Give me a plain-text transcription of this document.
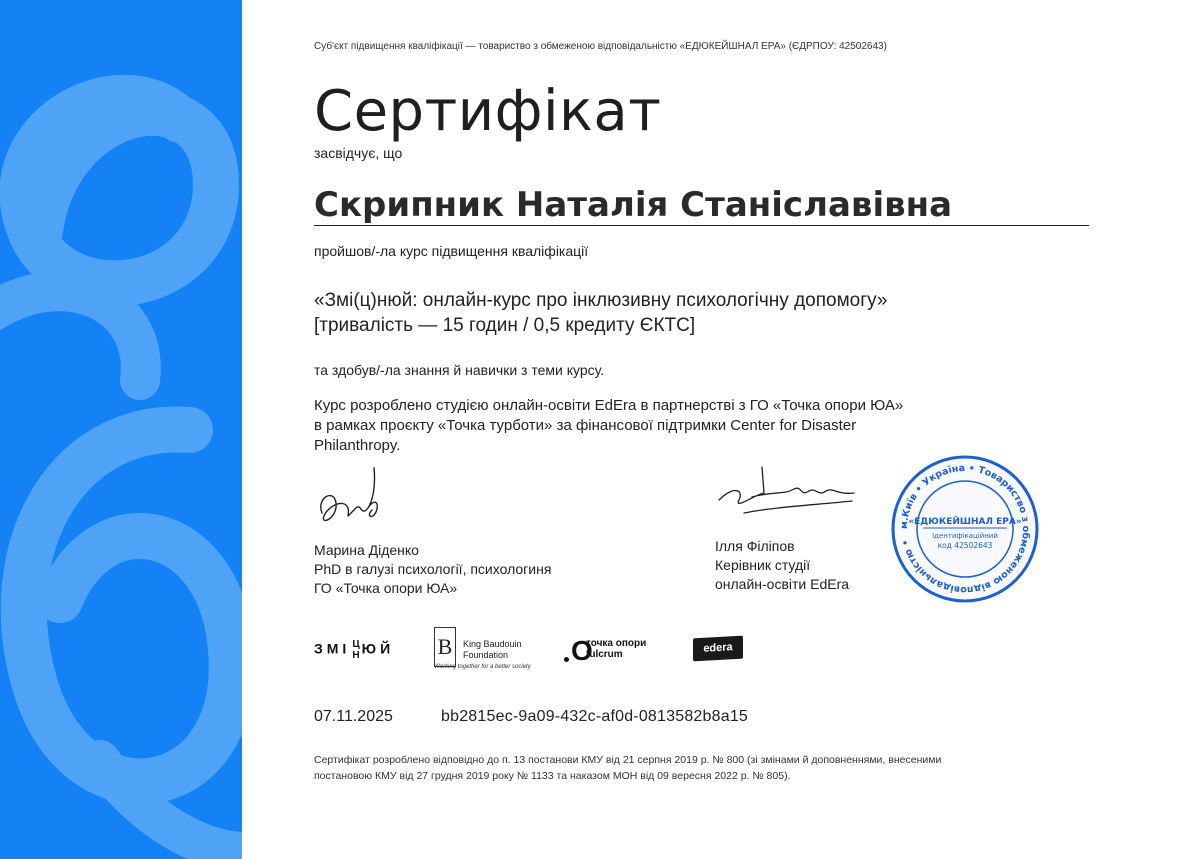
Суб'єкт підвищення кваліфікації — товариство з обмеженою відповідальністю «ЕДЮКЕЙШНАЛ ЕРА» (ЄДРПОУ: 42502643)
Сертифікат
засвідчує, що
Скрипник Наталія Станіславівна
пройшов/-ла курс підвищення кваліфікації
«Змі(ц)нюй: онлайн-курс про інклюзивну психологічну допомогу»
[тривалість — 15 годин / 0,5 кредиту ЄКТС]
та здобув/-ла знання й навички з теми курсу.
Курс розроблено студією онлайн-освіти EdEra в партнерстві з ГО «Точка опори ЮА»
в рамках проєкту «Точка турботи» за фінансової підтримки Center for Disaster
Philanthropy.
Марина Діденко
PhD в галузі психології, психологиня
ГО «Точка опори ЮА»
Ілля Філіпов
Керівник студії
онлайн-освіти EdEra
м.Київ • Україна • Товариство з обмеженою відповідальністю •
«ЕДЮКЕЙШНАЛ ЕРА»
Ідентифікаційний
код 42502643
ЗМІ Ц
Н ЮЙ B	King Baudouin
Foundation
Working together for a better society
O
точка опори
fulcrum	edera
07.11.2025	bb2815ec-9a09-432c-af0d-0813582b8a15
Сертифікат розроблено відповідно до п. 13 постанови КМУ від 21 серпня 2019 р. № 800 (зі змінами й доповненнями, внесеними
постановою КМУ від 27 грудня 2019 року № 1133 та наказом МОН від 09 вересня 2022 р. № 805).
